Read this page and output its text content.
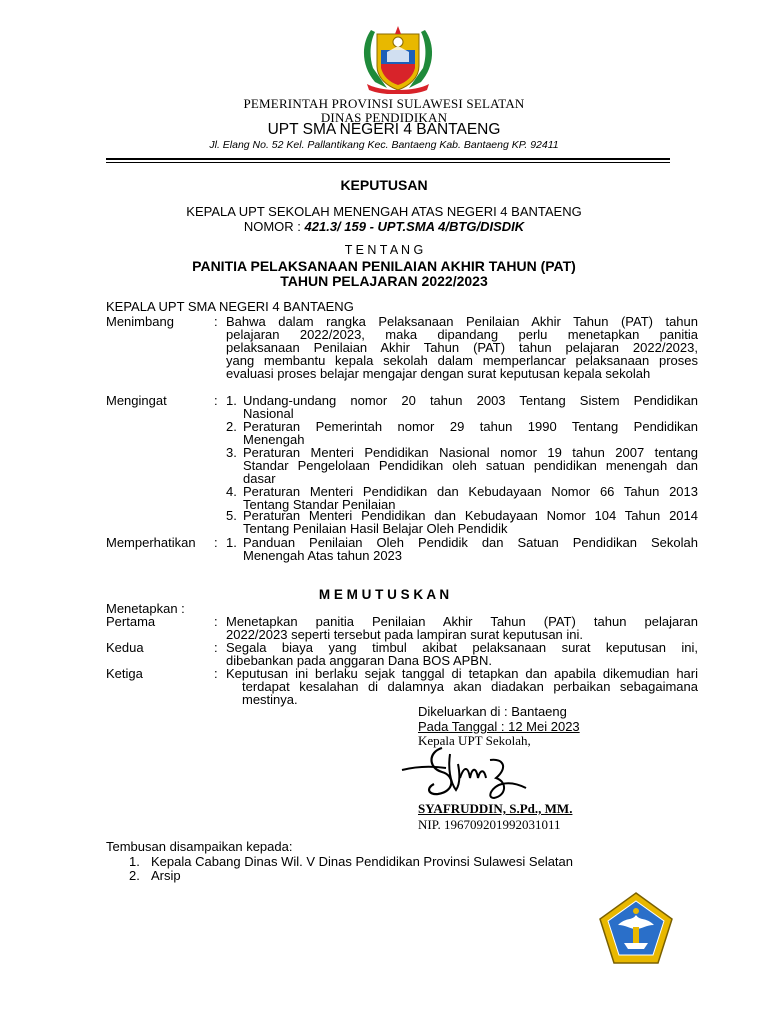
PEMERINTAH PROVINSI SULAWESI SELATAN
DINAS PENDIDIKAN
UPT SMA NEGERI 4 BANTAENG
Jl. Elang No. 52 Kel. Pallantikang Kec. Bantaeng Kab. Bantaeng KP. 92411
KEPUTUSAN
KEPALA UPT SEKOLAH MENENGAH ATAS NEGERI 4 BANTAENG
NOMOR : 421.3/ 159 - UPT.SMA 4/BTG/DISDIK
T E N T A N G
PANITIA PELAKSANAAN PENILAIAN AKHIR TAHUN (PAT)
TAHUN PELAJARAN 2022/2023
KEPALA UPT SMA NEGERI 4 BANTAENG
Menimbang	: Bahwa dalam rangka Pelaksanaan Penilaian Akhir Tahun (PAT) tahun
pelajaran 2022/2023, maka dipandang perlu menetapkan panitia
pelaksanaan Penilaian Akhir Tahun (PAT) tahun pelajaran 2022/2023,
yang membantu kepala sekolah dalam memperlancar pelaksanaan proses
evaluasi proses belajar mengajar dengan surat keputusan kepala sekolah
Mengingat	: 1. Undang-undang nomor 20 tahun 2003 Tentang Sistem Pendidikan
Nasional
2. Peraturan Pemerintah nomor 29 tahun 1990 Tentang Pendidikan
Menengah
3. Peraturan Menteri Pendidikan Nasional nomor 19 tahun 2007 tentang
Standar Pengelolaan Pendidikan oleh satuan pendidikan menengah dan
dasar
4. Peraturan Menteri Pendidikan dan Kebudayaan Nomor 66 Tahun 2013
Tentang Standar Penilaian
5. Peraturan Menteri Pendidikan dan Kebudayaan Nomor 104 Tahun 2014
Tentang Penilaian Hasil Belajar Oleh Pendidik
Memperhatikan : 1. Panduan Penilaian Oleh Pendidik dan Satuan Pendidikan Sekolah
Menengah Atas tahun 2023
M E M U T U S K A N
Menetapkan :
Pertama	: Menetapkan panitia Penilaian Akhir Tahun (PAT) tahun pelajaran
2022/2023 seperti tersebut pada lampiran surat keputusan ini.
Kedua	: Segala biaya yang timbul akibat pelaksanaan surat keputusan ini,
dibebankan pada anggaran Dana BOS APBN.
Ketiga	: Keputusan ini berlaku sejak tanggal di tetapkan dan apabila dikemudian hari
terdapat kesalahan di dalamnya akan diadakan perbaikan sebagaimana
mestinya.
Dikeluarkan di : Bantaeng
Pada Tanggal : 12 Mei 2023
Kepala UPT Sekolah,
SYAFRUDDIN, S.Pd., MM.
NIP. 196709201992031011
Tembusan disampaikan kepada:
1. Kepala Cabang Dinas Wil. V Dinas Pendidikan Provinsi Sulawesi Selatan
2. Arsip
